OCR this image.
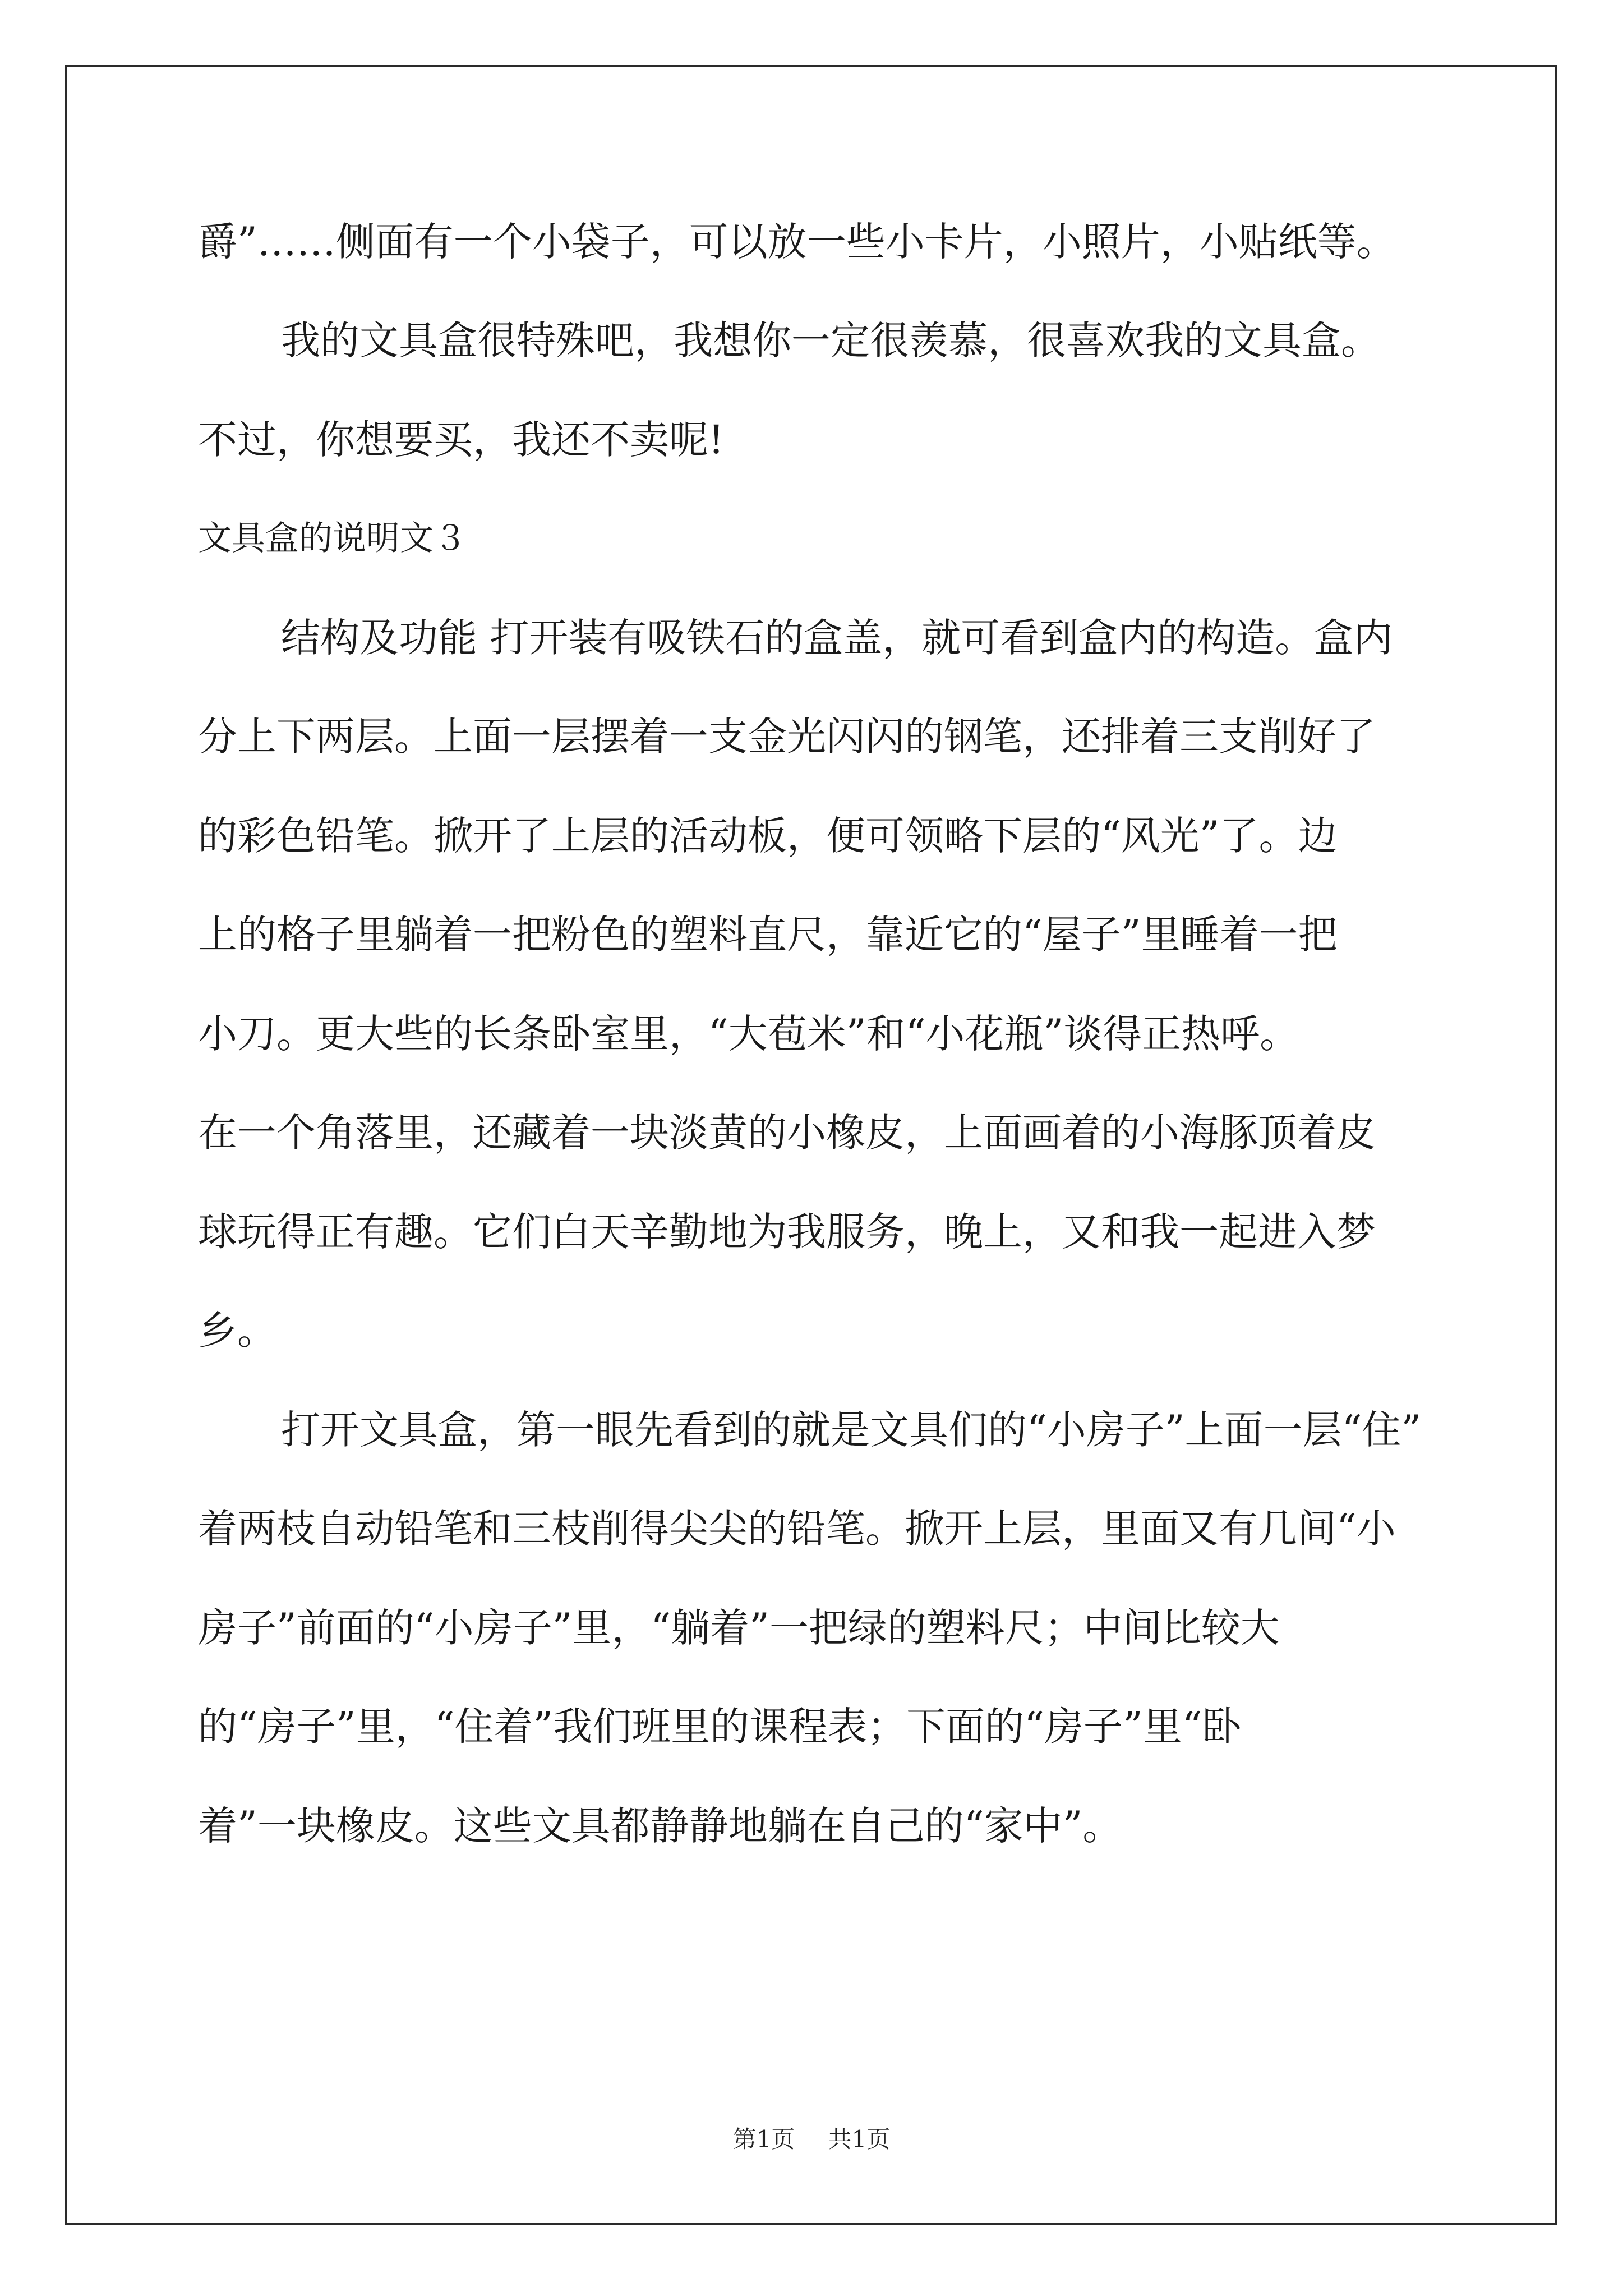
爵”……侧面有一个小袋子，可以放一些小卡片，小照片，小贴纸等。
我的文具盒很特殊吧，我想你一定很羡慕，很喜欢我的文具盒。
不过，你想要买，我还不卖呢!
文具盒的说明文３
结构及功能 打开装有吸铁石的盒盖，就可看到盒内的构造。盒内
分上下两层。上面一层摆着一支金光闪闪的钢笔，还排着三支削好了
的彩色铅笔。掀开了上层的活动板，便可领略下层的“风光”了。边
上的格子里躺着一把粉色的塑料直尺，靠近它的“屋子”里睡着一把
小刀。更大些的长条卧室里，“大苞米”和“小花瓶”谈得正热呼。
在一个角落里，还藏着一块淡黄的小橡皮，上面画着的小海豚顶着皮
球玩得正有趣。它们白天辛勤地为我服务，晚上，又和我一起进入梦
乡。
打开文具盒，第一眼先看到的就是文具们的“小房子”上面一层“住”
着两枝自动铅笔和三枝削得尖尖的铅笔。掀开上层，里面又有几间“小
房子”前面的“小房子”里，“躺着”一把绿的塑料尺；中间比较大
的“房子”里，“住着”我们班里的课程表；下面的“房子”里“卧
着”一块橡皮。这些文具都静静地躺在自己的“家中”。
第1页 共1页
